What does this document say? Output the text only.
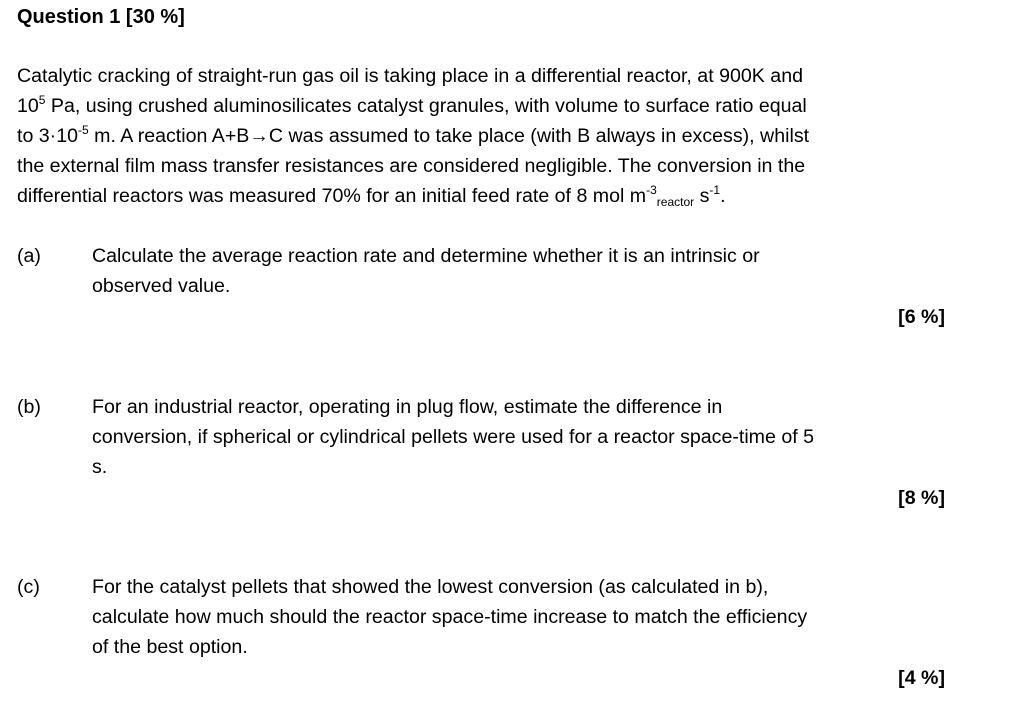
Question 1 [30 %]
Catalytic cracking of straight-run gas oil is taking place in a differential reactor, at 900K and
$10^5$ Pa, using crushed aluminosilicates catalyst granules, with volume to surface ratio equal
to $3\cdot 10^{-5}$ m. A reaction A+B→C was assumed to take place (with B always in excess), whilst
the external film mass transfer resistances are considered negligible. The conversion in the
differential reactors was measured 70% for an initial feed rate of 8 mol $m^{-3}_{reactor}$ $s^{-1}$.
(a)	Calculate the average reaction rate and determine whether it is an intrinsic or
observed value.
[6 %]
(b)	For an industrial reactor, operating in plug flow, estimate the difference in
conversion, if spherical or cylindrical pellets were used for a reactor space-time of 5
s.
[8 %]
(c)	For the catalyst pellets that showed the lowest conversion (as calculated in b),
calculate how much should the reactor space-time increase to match the efficiency
of the best option.
[4 %]
